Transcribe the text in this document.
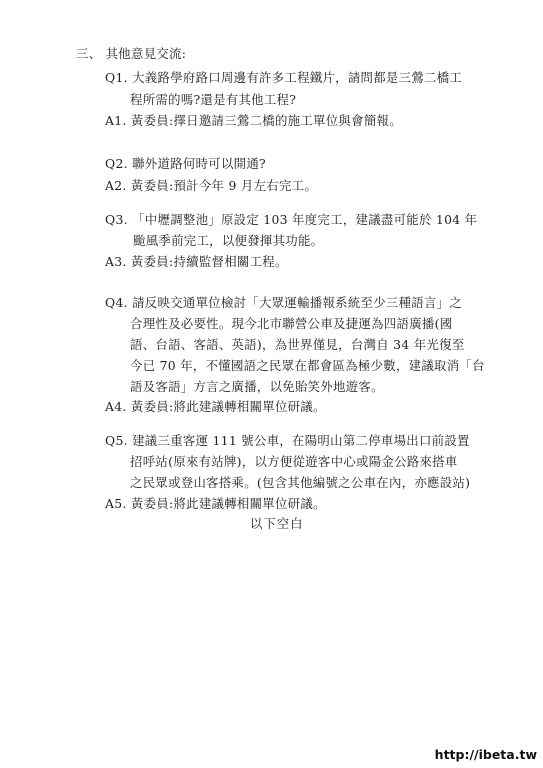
三、 其他意見交流:
Q1. 大義路學府路口周邊有許多工程鐵片，請問都是三鶯二橋工
程所需的嗎?還是有其他工程?
A1. 黃委員:擇日邀請三鶯二橋的施工單位與會簡報。
Q2. 聯外道路何時可以開通?
A2. 黃委員:預計今年 9 月左右完工。
Q3. 「中壢調整池」原設定 103 年度完工，建議盡可能於 104 年
颱風季前完工，以便發揮其功能。
A3. 黃委員:持續監督相關工程。
Q4. 請反映交通單位檢討「大眾運輸播報系統至少三種語言」之
合理性及必要性。現今北市聯營公車及捷運為四語廣播(國
語、台語、客語、英語)，為世界僅見，台灣自 34 年光復至
今已 70 年，不懂國語之民眾在都會區為極少數，建議取消「台
語及客語」方言之廣播，以免貽笑外地遊客。
A4. 黃委員:將此建議轉相關單位研議。
Q5. 建議三重客運 111 號公車，在陽明山第二停車場出口前設置
招呼站(原來有站牌)，以方便從遊客中心或陽金公路來搭車
之民眾或登山客搭乘。(包含其他編號之公車在內，亦應設站)
A5. 黃委員:將此建議轉相關單位研議。
以下空白
http://ibeta.tw
